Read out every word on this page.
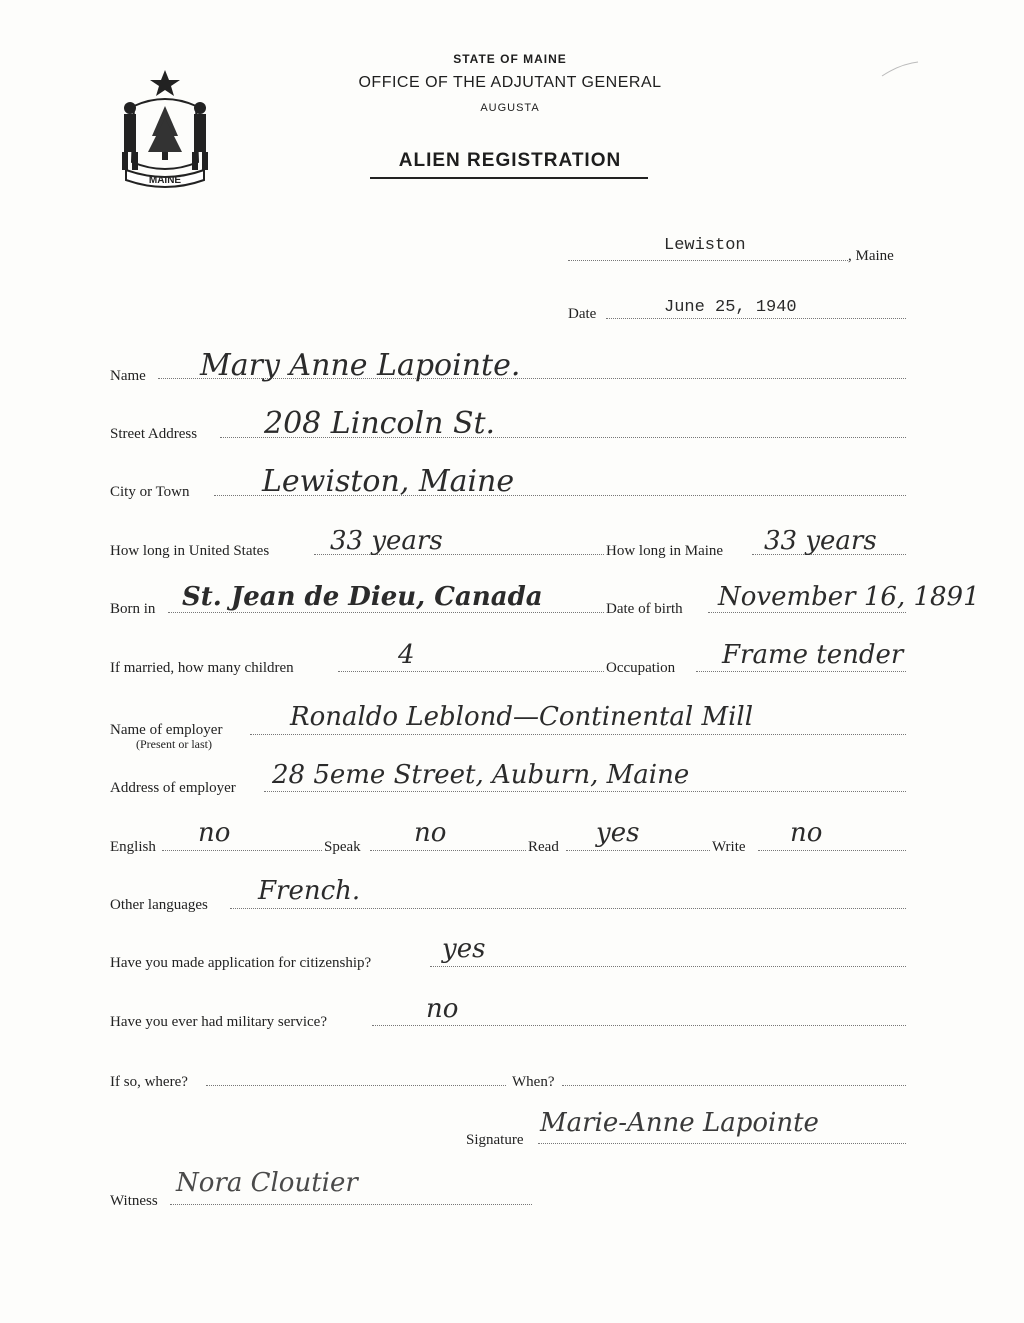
MAINE
STATE OF MAINE
OFFICE OF THE ADJUTANT GENERAL
AUGUSTA
ALIEN REGISTRATION
Lewiston
, Maine
Date	June 25, 1940
Name Mary Anne Lapointe.
Street Address 208 Lincoln St.
City or Town Lewiston, Maine
How long in United States 33 years	How long in Maine 33 years
Born in St. Jean de Dieu, Canada	Date of birth November 16, 1891
If married, how many children	4	Occupation Frame tender
Name of employer
(Present or last)
Ronaldo Leblond—Continental Mill
Address of employer 28 5eme Street, Auburn, Maine
English no	Speak no	Read yes	Write no
Other languages French.
Have you made application for citizenship?	yes
Have you ever had military service?	no
If so, where?	When?
Signature
Marie-Anne Lapointe
Witness
Nora Cloutier
